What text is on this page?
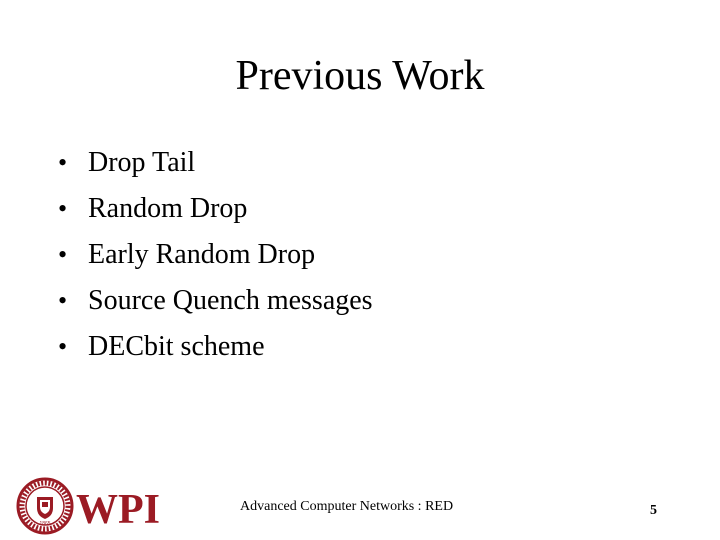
Previous Work
• Drop Tail
• Random Drop
• Early Random Drop
• Source Quench messages
• DECbit scheme
1865 WPI	Advanced Computer Networks : RED	5
